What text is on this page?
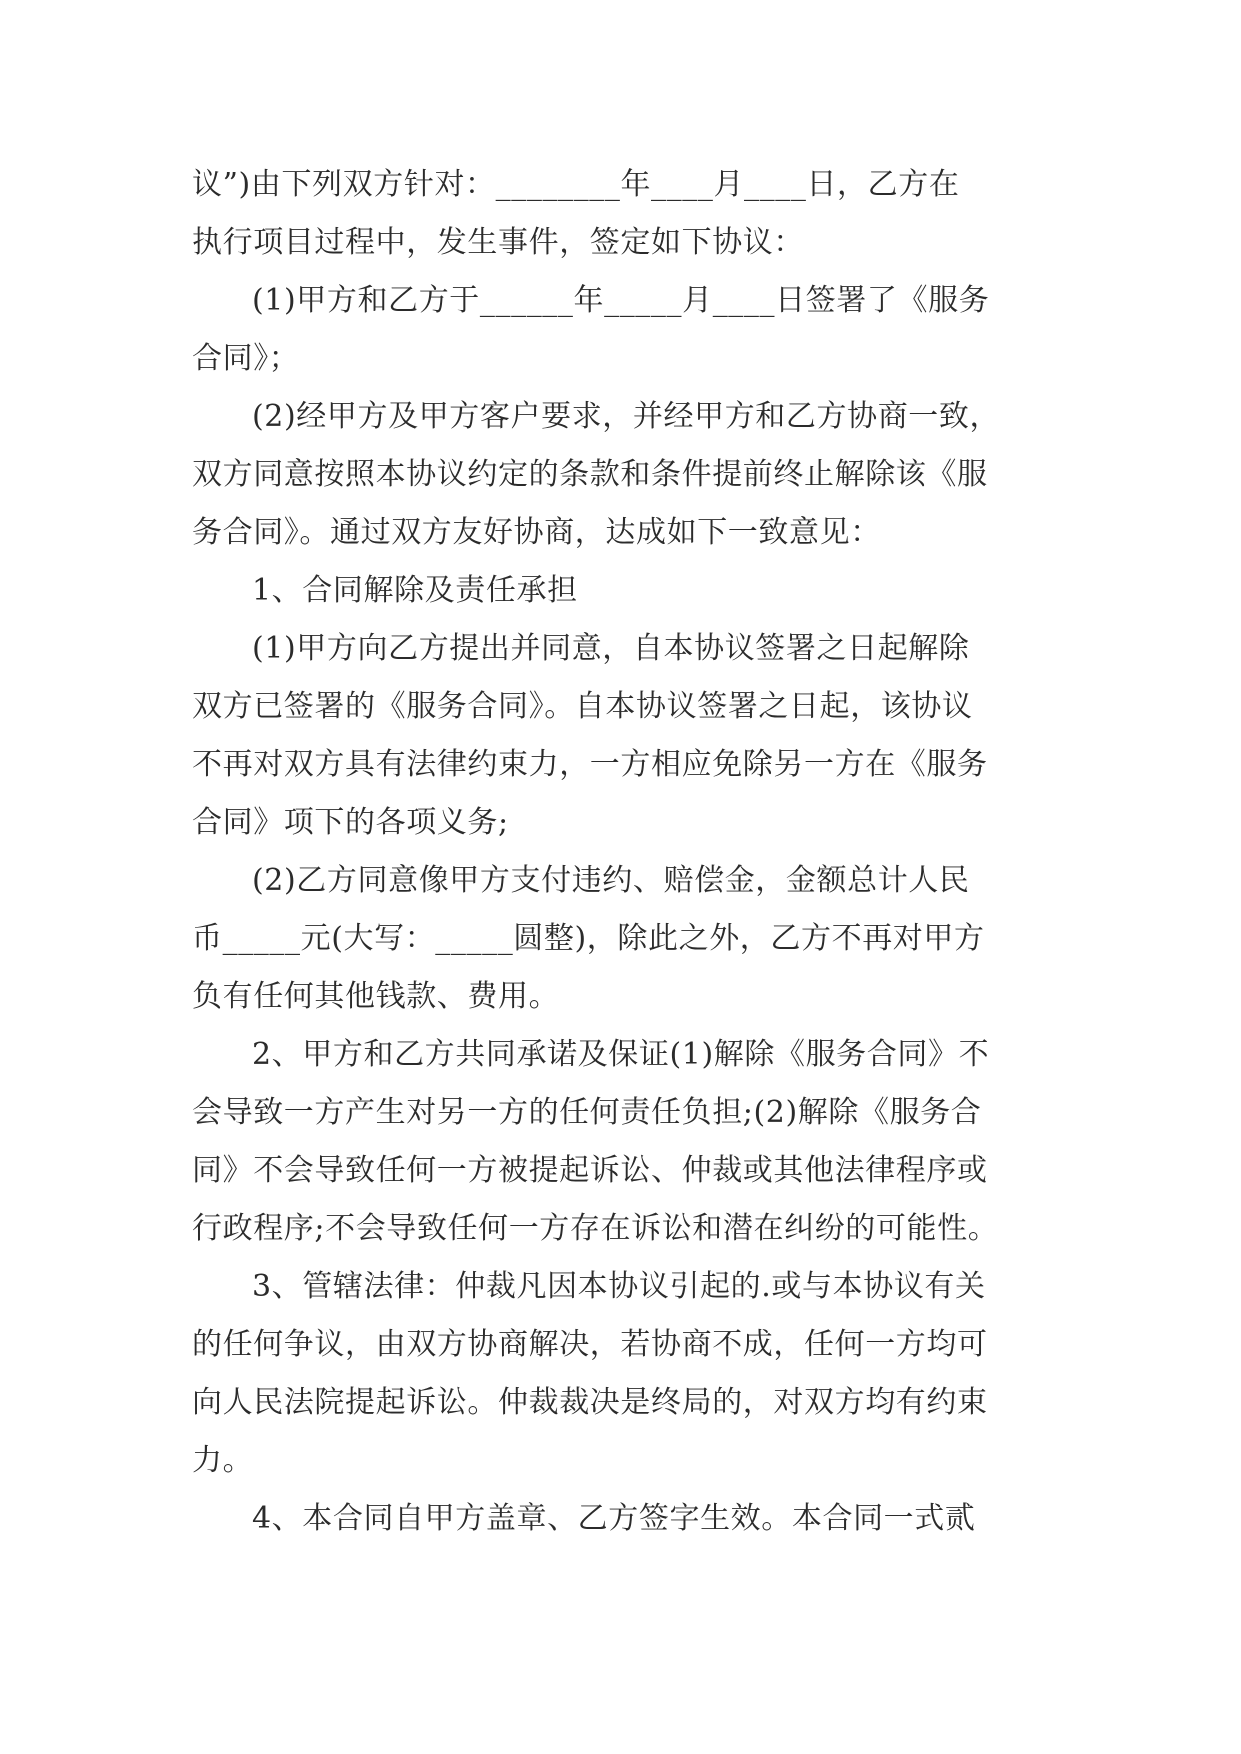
议”)由下列双方针对：________年____月____日，乙方在
执行项目过程中，发生事件，签定如下协议：
(1)甲方和乙方于______年_____月____日签署了《服务
合同》；
(2)经甲方及甲方客户要求，并经甲方和乙方协商一致，
双方同意按照本协议约定的条款和条件提前终止解除该《服
务合同》。通过双方友好协商，达成如下一致意见：
1、合同解除及责任承担
(1)甲方向乙方提出并同意，自本协议签署之日起解除
双方已签署的《服务合同》。自本协议签署之日起，该协议
不再对双方具有法律约束力，一方相应免除另一方在《服务
合同》项下的各项义务;
(2)乙方同意像甲方支付违约、赔偿金，金额总计人民
币_____元(大写：_____圆整)，除此之外，乙方不再对甲方
负有任何其他钱款、费用。
2、甲方和乙方共同承诺及保证(1)解除《服务合同》不
会导致一方产生对另一方的任何责任负担;(2)解除《服务合
同》不会导致任何一方被提起诉讼、仲裁或其他法律程序或
行政程序;不会导致任何一方存在诉讼和潜在纠纷的可能性。
3、管辖法律：仲裁凡因本协议引起的.或与本协议有关
的任何争议，由双方协商解决，若协商不成，任何一方均可
向人民法院提起诉讼。仲裁裁决是终局的，对双方均有约束
力。
4、本合同自甲方盖章、乙方签字生效。本合同一式贰
